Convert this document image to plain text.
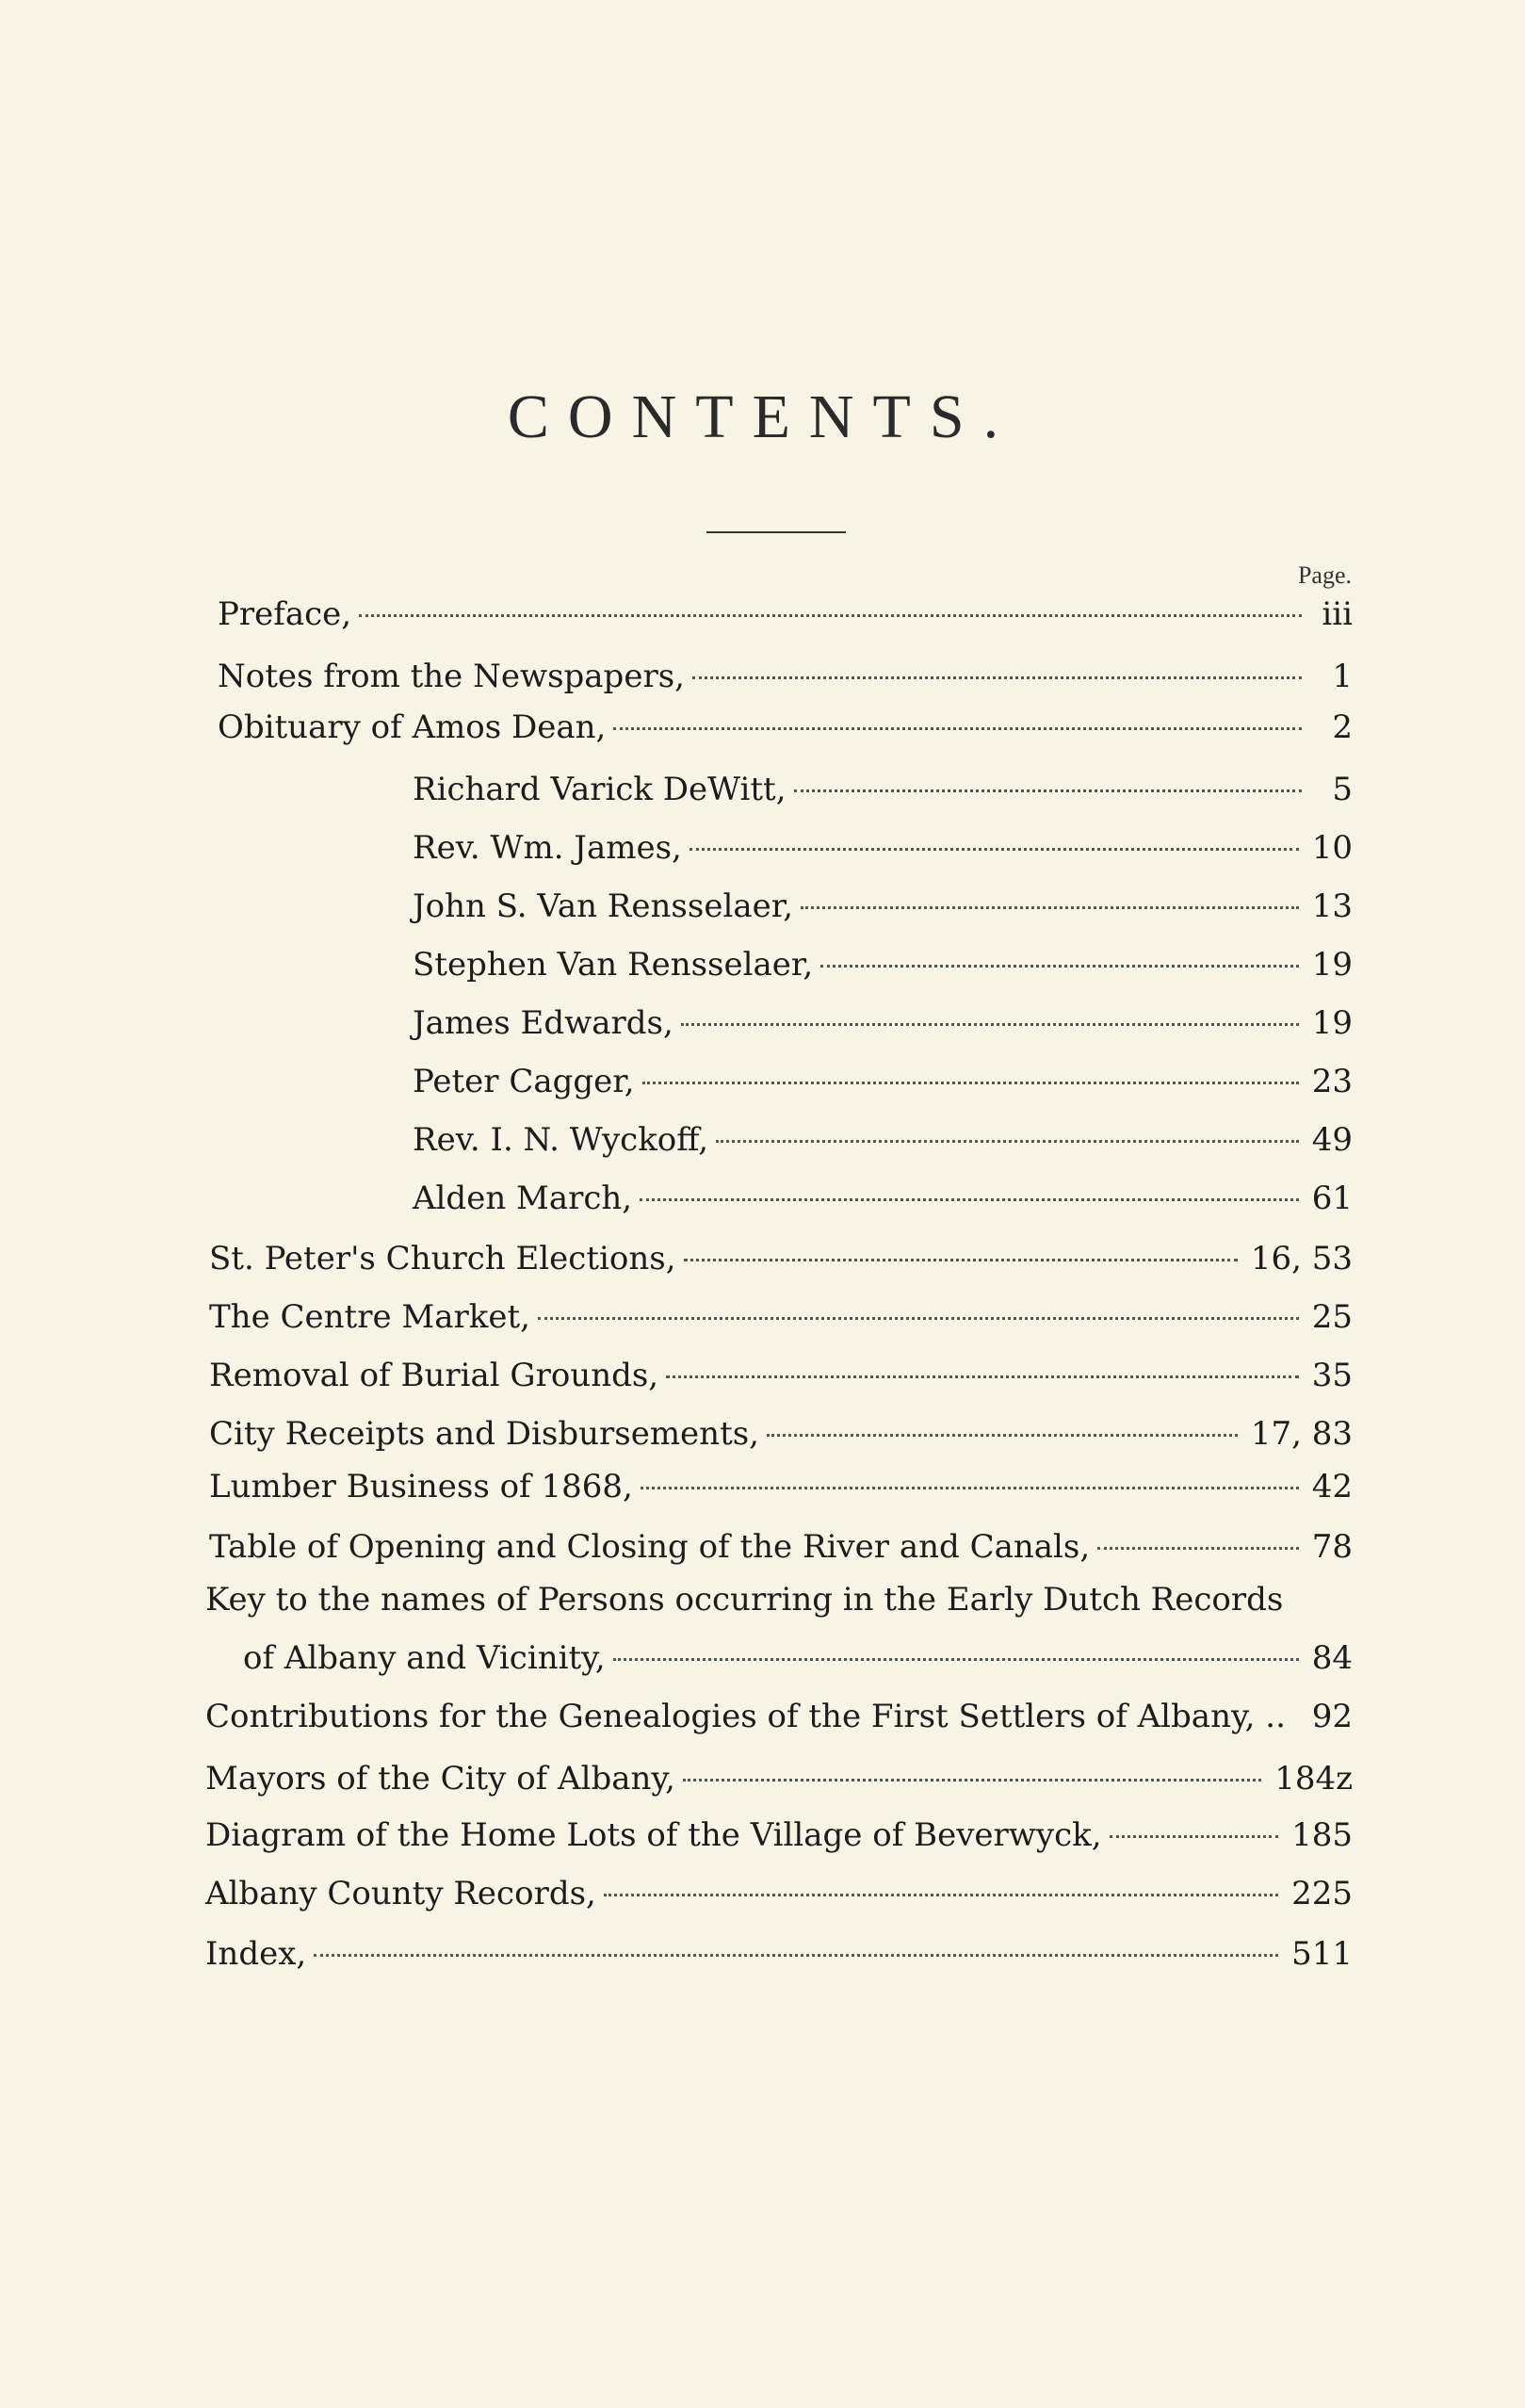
CONTENTS.
Page.
Preface,	iii
Notes from the Newspapers,	1
Obituary of Amos Dean,	2
Richard Varick DeWitt,	5
Rev. Wm. James,	10
John S. Van Rensselaer,	13
Stephen Van Rensselaer,	19
James Edwards,	19
Peter Cagger,	23
Rev. I. N. Wyckoff,	49
Alden March,	61
St. Peter's Church Elections,	16, 53
The Centre Market,	25
Removal of Burial Grounds,	35
City Receipts and Disbursements,	17, 83
Lumber Business of 1868,	42
Table of Opening and Closing of the River and Canals,	78
Key to the names of Persons occurring in the Early Dutch Records
of Albany and Vicinity,	84
Contributions for the Genealogies of the First Settlers of Albany, .. 92
Mayors of the City of Albany,	184z
Diagram of the Home Lots of the Village of Beverwyck,	185
Albany County Records,	225
Index,	511
